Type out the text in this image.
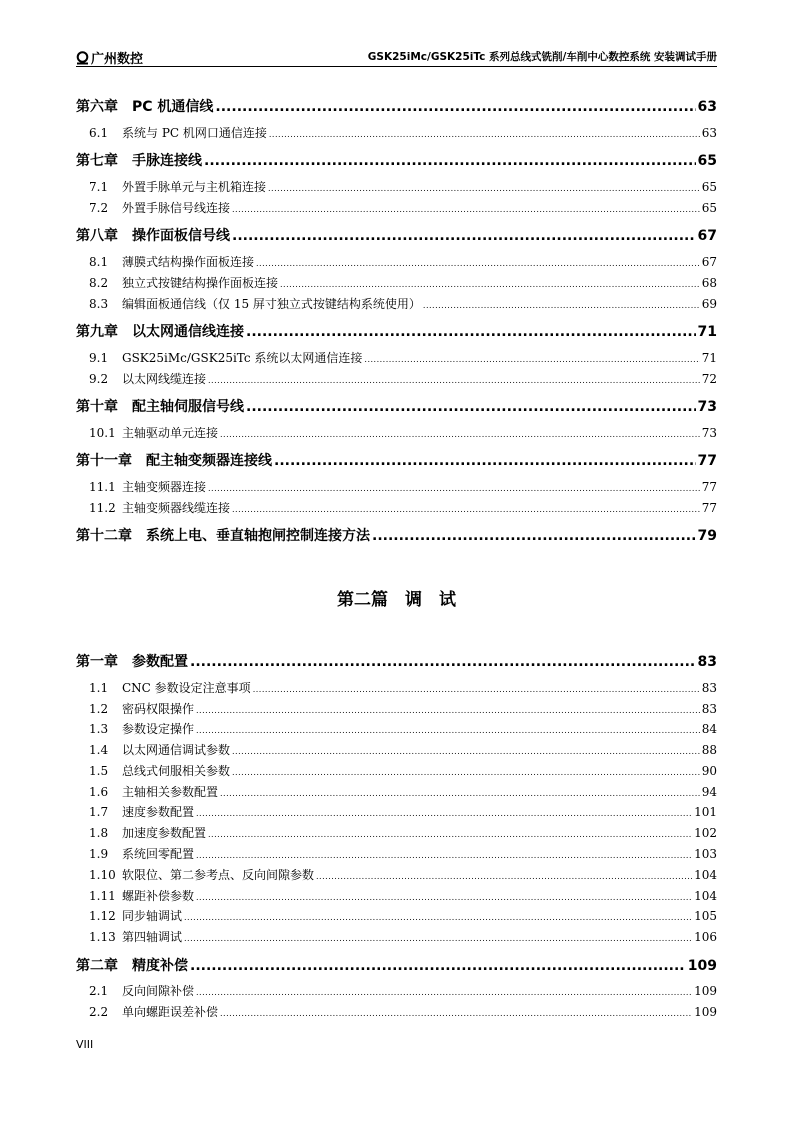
广州数控	GSK25iMc/GSK25iTc 系列总线式铣削/车削中心数控系统 安装调试手册
第六章 PC 机通信线 .....	63
6.1	系统与 PC 机网口通信连接 .....	63
第七章 手脉连接线 .....	65
7.1	外置手脉单元与主机箱连接 .....	65
7.2	外置手脉信号线连接 .....	65
第八章 操作面板信号线 .....	67
8.1	薄膜式结构操作面板连接 .....	67
8.2	独立式按键结构操作面板连接 .....	68
8.3	编辑面板通信线（仅 15 屏寸独立式按键结构系统使用） .....	69
第九章 以太网通信线连接 .....	71
9.1	GSK25iMc/GSK25iTc 系统以太网通信连接 .....	71
9.2	以太网线缆连接 .....	72
第十章 配主轴伺服信号线 .....	73
10.1 主轴驱动单元连接 .....	73
第十一章 配主轴变频器连接线 .....	77
11.1 主轴变频器连接 .....	77
11.2 主轴变频器线缆连接 .....	77
第十二章 系统上电、垂直轴抱闸控制连接方法 .....	79
第二篇　调　试
第一章 参数配置 .....	83
1.1	CNC 参数设定注意事项 .....	83
1.2	密码权限操作 .....	83
1.3	参数设定操作 .....	84
1.4	以太网通信调试参数 .....	88
1.5	总线式伺服相关参数 .....	90
1.6	主轴相关参数配置 .....	94
1.7	速度参数配置 .....	101
1.8	加速度参数配置 .....	102
1.9	系统回零配置 .....	103
1.10 软限位、第二参考点、反向间隙参数 .....	104
1.11 螺距补偿参数 .....	104
1.12 同步轴调试 .....	105
1.13 第四轴调试 .....	106
第二章 精度补偿 .....	109
2.1	反向间隙补偿 .....	109
2.2	单向螺距误差补偿 .....	109
VIII
